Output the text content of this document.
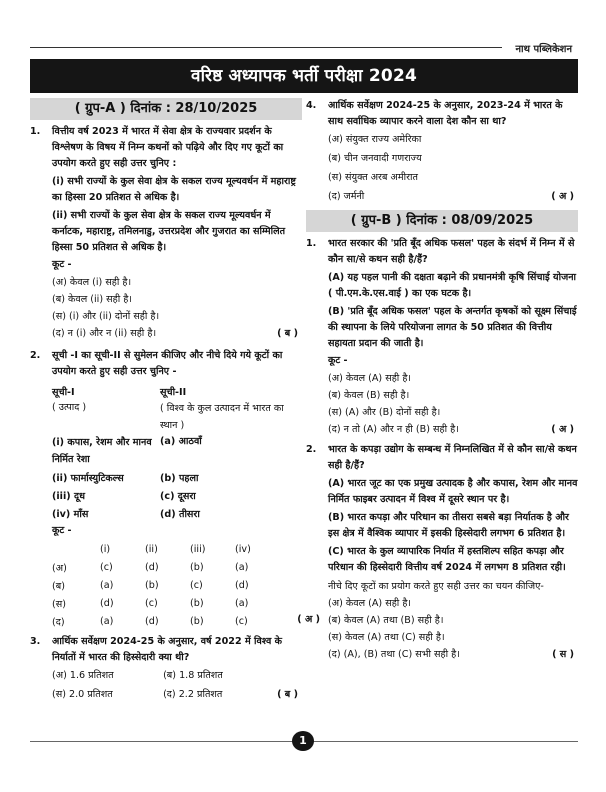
नाथ पब्लिकेशन
वरिष्ठ अध्यापक भर्ती परीक्षा 2024
( ग्रुप-A ) दिनांक : 28/10/2025
1.	वित्तीय वर्ष 2023 में भारत में सेवा क्षेत्र के राज्यवार प्रदर्शन के विश्लेषण के विषय में निम्न कथनों को पढ़िये और दिए गए कूटों का उपयोग करते हुए सही उत्तर चुनिए :
(i) सभी राज्यों के कुल सेवा क्षेत्र के सकल राज्य मूल्यवर्धन में महाराष्ट्र का हिस्सा 20 प्रतिशत से अधिक है।
(ii) सभी राज्यों के कुल सेवा क्षेत्र के सकल राज्य मूल्यवर्धन में कर्नाटक, महाराष्ट्र, तमिलनाडु, उत्तरप्रदेश और गुजरात का सम्मिलित हिस्सा 50 प्रतिशत से अधिक है।
कूट -
(अ) केवल (i) सही है।
(ब) केवल (ii) सही है।
(स) (i) और (ii) दोनों सही है।
(द) न (i) और न (ii) सही है।	( ब )
2.	सूची -I का सूची-II से सुमेलन कीजिए और नीचे दिये गये कूटों का उपयोग करते हुए सही उत्तर चुनिए -
सूची-I	सूची-II
( उत्पाद )	( विश्व के कुल उत्पादन में भारत का स्थान )
(i) कपास, रेशम और मानव निर्मित रेशा	(a) आठवाँ
(ii) फार्मास्युटिकल्स	(b) पहला
(iii) दूध	(c) दूसरा
(iv) माँस	(d) तीसरा
कूट -
	(i)	(ii)	(iii)	(iv)
(अ)	(c)	(d)	(b)	(a)
(ब)	(a)	(b)	(c)	(d)
(स)	(d)	(c)	(b)	(a)
(द)	(a)	(d)	(b)	(c) ( अ )
3.	आर्थिक सर्वेक्षण 2024-25 के अनुसार, वर्ष 2022 में विश्व के निर्यातों में भारत की हिस्सेदारी क्या थी?
(अ) 1.6 प्रतिशत	(ब) 1.8 प्रतिशत
(स) 2.0 प्रतिशत	(द) 2.2 प्रतिशत	( ब )
4.	आर्थिक सर्वेक्षण 2024-25 के अनुसार, 2023-24 में भारत के साथ सर्वाधिक व्यापार करने वाला देश कौन सा था?
(अ) संयुक्त राज्य अमेरिका
(ब) चीन जनवादी गणराज्य
(स) संयुक्त अरब अमीरात
(द) जर्मनी	( अ )
( ग्रुप-B ) दिनांक : 08/09/2025
1.	भारत सरकार की 'प्रति बूँद अधिक फसल' पहल के संदर्भ में निम्न में से कौन सा/से कथन सही है/हैं?
(A) यह पहल पानी की दक्षता बढ़ाने की प्रधानमंत्री कृषि सिंचाई योजना ( पी.एम.के.एस.वाई ) का एक घटक है।
(B) 'प्रति बूँद अधिक फसल' पहल के अन्तर्गत कृषकों को सूक्ष्म सिंचाई की स्थापना के लिये परियोजना लागत के 50 प्रतिशत की वित्तीय सहायता प्रदान की जाती है।
कूट -
(अ) केवल (A) सही है।
(ब) केवल (B) सही है।
(स) (A) और (B) दोनों सही है।
(द) न तो (A) और न ही (B) सही है।	( अ )
2.	भारत के कपड़ा उद्योग के सम्बन्ध में निम्नलिखित में से कौन सा/से कथन सही है/हैं?
(A) भारत जूट का एक प्रमुख उत्पादक है और कपास, रेशम और मानव निर्मित फाइबर उत्पादन में विश्व में दूसरे स्थान पर है।
(B) भारत कपड़ा और परिधान का तीसरा सबसे बड़ा निर्यातक है और इस क्षेत्र में वैश्विक व्यापार में इसकी हिस्सेदारी लगभग 6 प्रतिशत है।
(C) भारत के कुल व्यापारिक निर्यात में हस्तशिल्प सहित कपड़ा और परिधान की हिस्सेदारी वित्तीय वर्ष 2024 में लगभग 8 प्रतिशत रही।
नीचे दिए कूटों का प्रयोग करते हुए सही उत्तर का चयन कीजिए-
(अ) केवल (A) सही है।
(ब) केवल (A) तथा (B) सही है।
(स) केवल (A) तथा (C) सही है।
(द) (A), (B) तथा (C) सभी सही है।	( स )
1
